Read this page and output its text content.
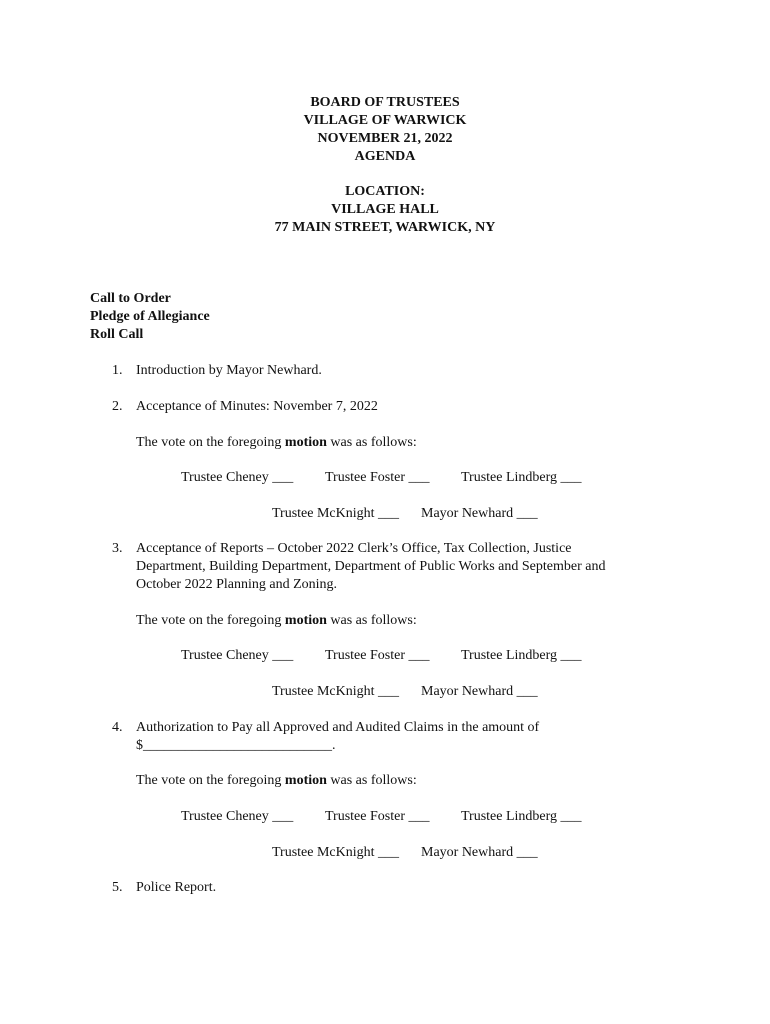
BOARD OF TRUSTEES
VILLAGE OF WARWICK
NOVEMBER 21, 2022
AGENDA
LOCATION:
VILLAGE HALL
77 MAIN STREET, WARWICK, NY
Call to Order
Pledge of Allegiance
Roll Call
1. Introduction by Mayor Newhard.
2. Acceptance of Minutes: November 7, 2022
The vote on the foregoing motion was as follows:
Trustee Cheney ___ Trustee Foster ___ Trustee Lindberg ___
Trustee McKnight ___ Mayor Newhard ___
3. Acceptance of Reports – October 2022 Clerk’s Office, Tax Collection, Justice
Department, Building Department, Department of Public Works and September and
October 2022 Planning and Zoning.
The vote on the foregoing motion was as follows:
Trustee Cheney ___ Trustee Foster ___ Trustee Lindberg ___
Trustee McKnight ___ Mayor Newhard ___
4. Authorization to Pay all Approved and Audited Claims in the amount of
$___________________________.
The vote on the foregoing motion was as follows:
Trustee Cheney ___ Trustee Foster ___ Trustee Lindberg ___
Trustee McKnight ___ Mayor Newhard ___
5. Police Report.
